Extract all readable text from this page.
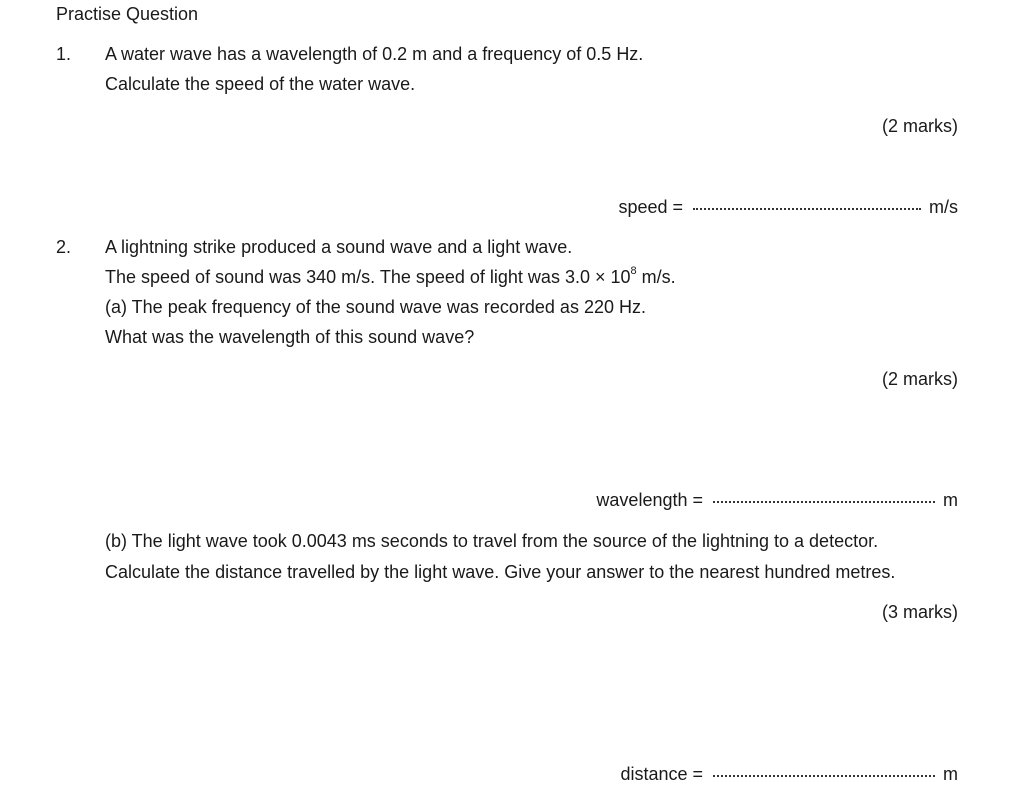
Practise Question
1. A water wave has a wavelength of 0.2 m and a frequency of 0.5 Hz.
Calculate the speed of the water wave.
(2 marks)
speed =	m/s
2. A lightning strike produced a sound wave and a light wave.
The speed of sound was 340 m/s. The speed of light was $3.0 \times 10^8$ m/s.
(a) The peak frequency of the sound wave was recorded as 220 Hz.
What was the wavelength of this sound wave?
(2 marks)
wavelength =	m
(b) The light wave took 0.0043 ms seconds to travel from the source of the lightning to a detector.
Calculate the distance travelled by the light wave. Give your answer to the nearest hundred metres.
(3 marks)
distance =	m
